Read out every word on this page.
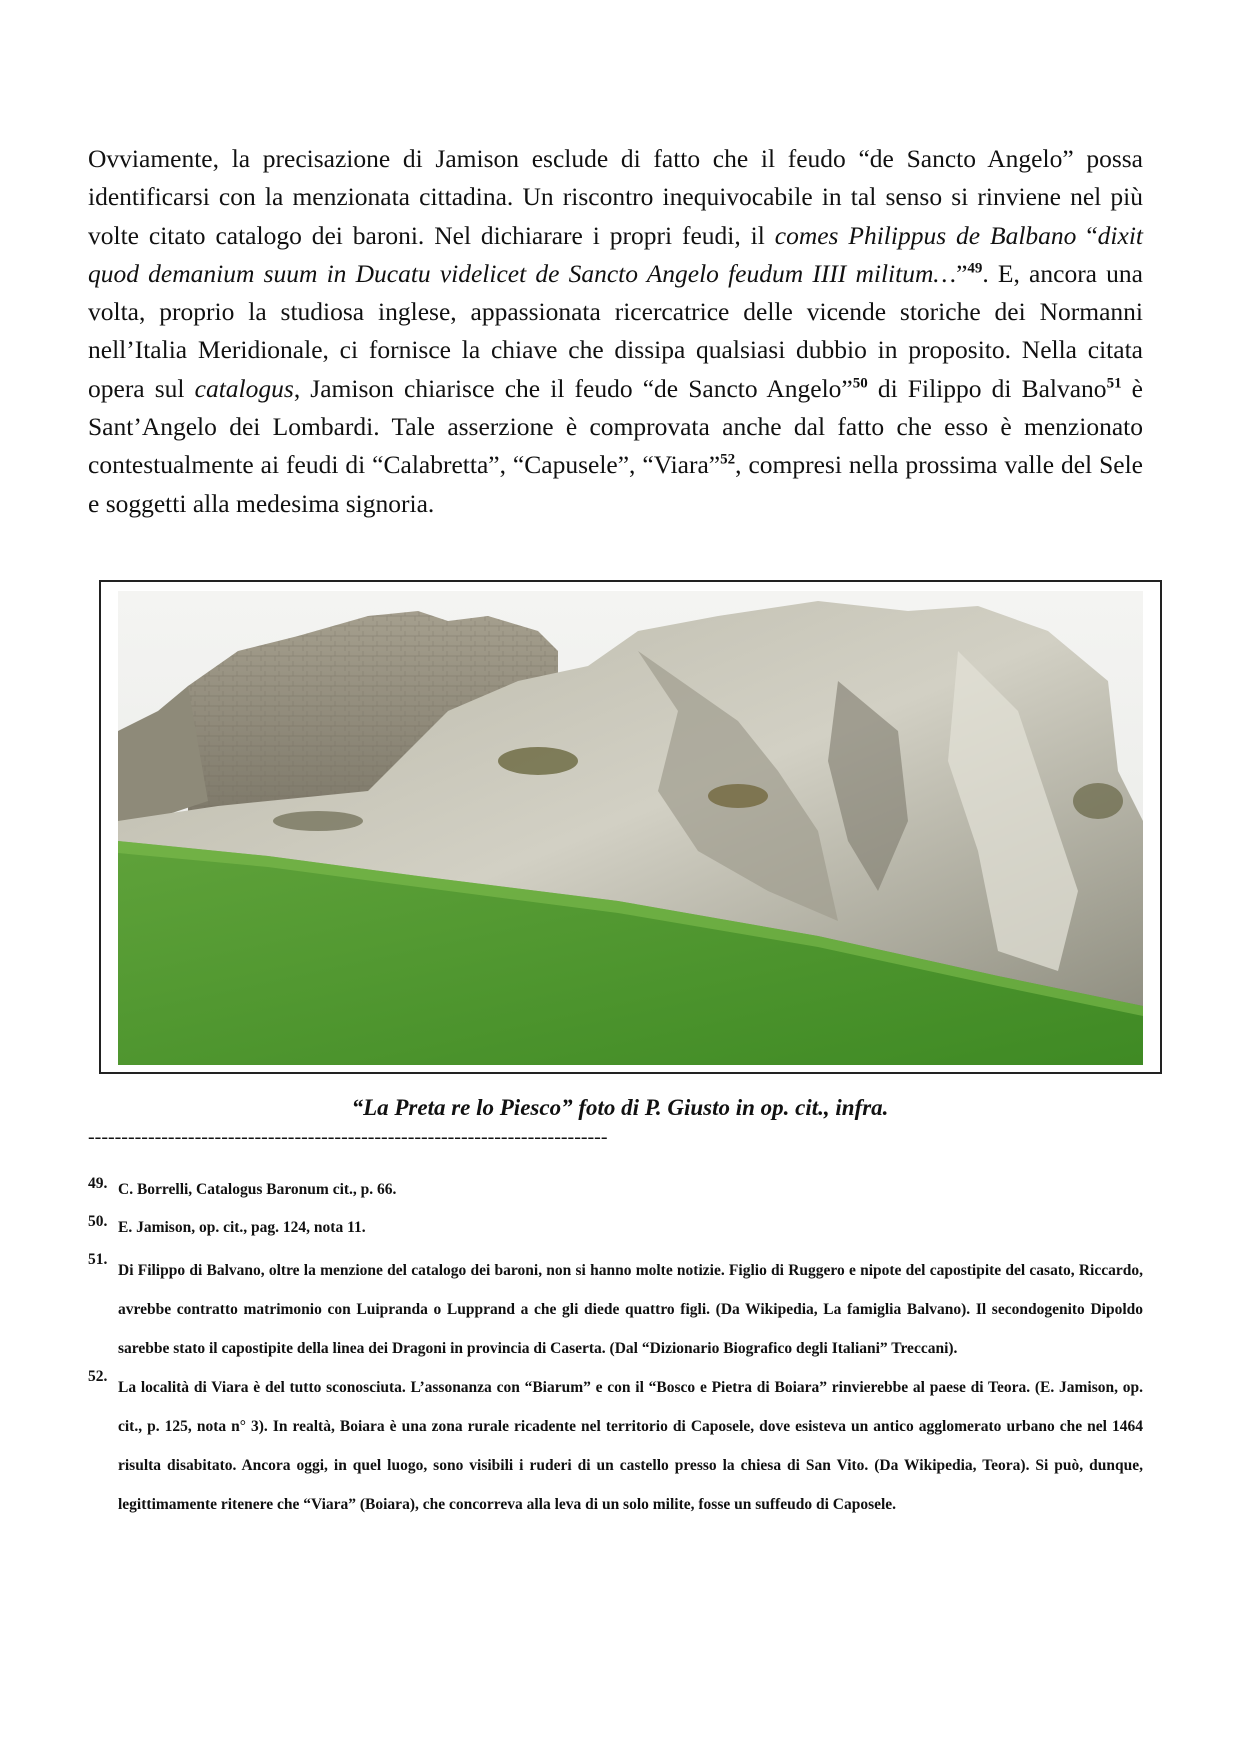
Ovviamente, la precisazione di Jamison esclude di fatto che il feudo “de Sancto Angelo” possa identificarsi con la menzionata cittadina. Un riscontro inequivocabile in tal senso si rinviene nel più volte citato catalogo dei baroni. Nel dichiarare i propri feudi, il comes Philippus de Balbano “dixit quod demanium suum in Ducatu videlicet de Sancto Angelo feudum IIII militum…”$^{49}$. E, ancora una volta, proprio la studiosa inglese, appassionata ricercatrice delle vicende storiche dei Normanni nell’Italia Meridionale, ci fornisce la chiave che dissipa qualsiasi dubbio in proposito. Nella citata opera sul catalogus, Jamison chiarisce che il feudo “de Sancto Angelo”$^{50}$ di Filippo di Balvano$^{51}$ è Sant’Angelo dei Lombardi. Tale asserzione è comprovata anche dal fatto che esso è menzionato contestualmente ai feudi di “Calabretta”, “Capusele”, “Viara”$^{52}$, compresi nella prossima valle del Sele e soggetti alla medesima signoria.

“La Preta re lo Piesco” foto di P. Giusto in op. cit., infra.
------------------------------------------------------------------------------
49. C. Borrelli, Catalogus Baronum cit., p. 66.
50. E. Jamison, op. cit., pag. 124, nota 11.
51.
Di Filippo di Balvano, oltre la menzione del catalogo dei baroni, non si hanno molte notizie. Figlio di Ruggero e nipote del capostipite del casato, Riccardo, avrebbe contratto matrimonio con Luipranda o Lupprand a che gli diede quattro figli. (Da Wikipedia, La famiglia Balvano). Il secondogenito Dipoldo sarebbe stato il capostipite della linea dei Dragoni in provincia di Caserta. (Dal “Dizionario Biografico degli Italiani” Treccani).
52.
La località di Viara è del tutto sconosciuta. L’assonanza con “Biarum” e con il “Bosco e Pietra di Boiara” rinvierebbe al paese di Teora. (E. Jamison, op. cit., p. 125, nota n° 3). In realtà, Boiara è una zona rurale ricadente nel territorio di Caposele, dove esisteva un antico agglomerato urbano che nel 1464 risulta disabitato. Ancora oggi, in quel luogo, sono visibili i ruderi di un castello presso la chiesa di San Vito. (Da Wikipedia, Teora). Si può, dunque, legittimamente ritenere che “Viara” (Boiara), che concorreva alla leva di un solo milite, fosse un suffeudo di Caposele.
